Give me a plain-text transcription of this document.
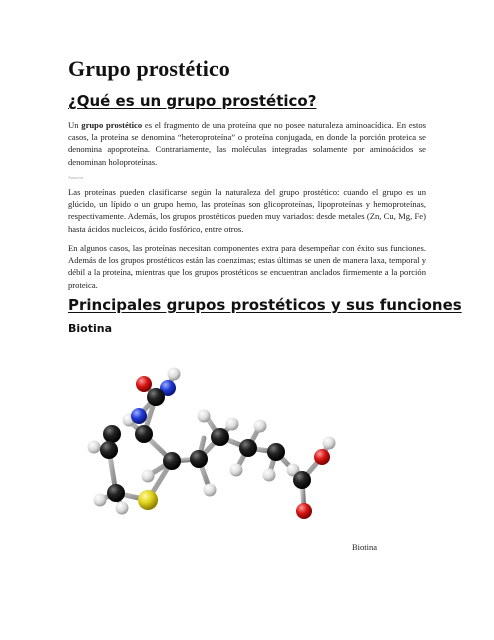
Grupo prostético
¿Qué es un grupo prostético?

Un grupo prostético es el fragmento de una proteína que no posee naturaleza aminoacídica. En estos casos, la proteína se denomina “heteroproteína” o proteína conjugada, en donde la porción proteica se denomina apoproteína. Contrariamente, las moléculas integradas solamente por aminoácidos se denominan holoproteínas.

Anuncios

Las proteínas pueden clasificarse según la naturaleza del grupo prostético: cuando el grupo es un glúcido, un lípido o un grupo hemo, las proteínas son glicoproteínas, lipoproteínas y hemoproteínas, respectivamente. Además, los grupos prostéticos pueden muy variados: desde metales (Zn, Cu, Mg, Fe) hasta ácidos nucleicos, ácido fosfórico, entre otros.

En algunos casos, las proteínas necesitan componentes extra para desempeñar con éxito sus funciones. Además de los grupos prostéticos están las coenzimas; estas últimas se unen de manera laxa, temporal y débil a la proteína, mientras que los grupos prostéticos se encuentran anclados firmemente a la porción proteica.

Principales grupos prostéticos y sus funciones
Biotina

Biotina
